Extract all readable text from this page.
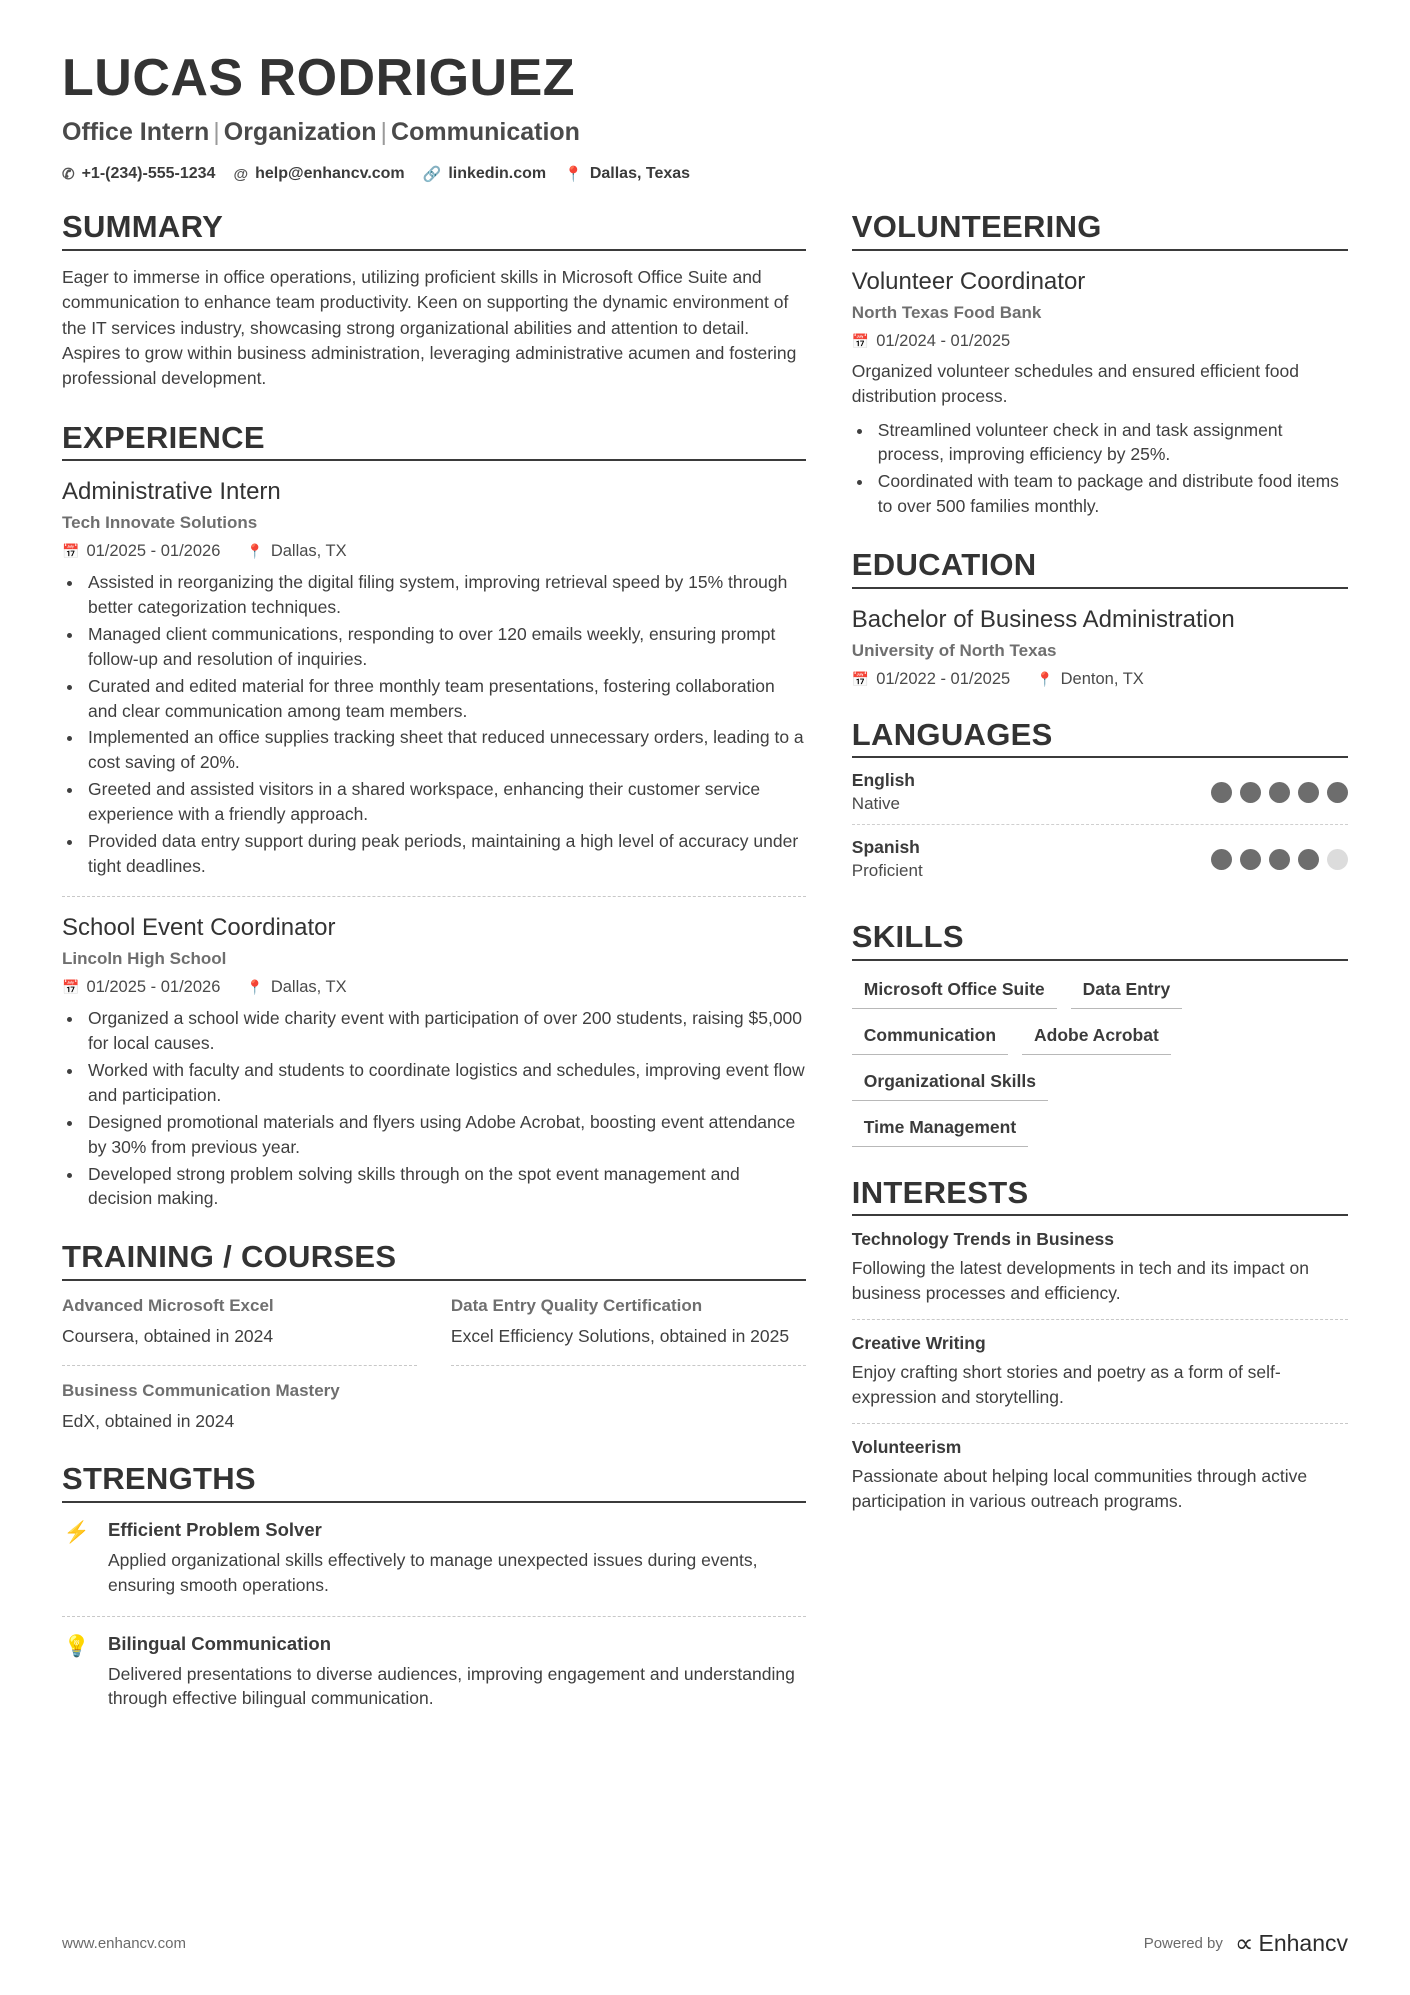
LUCAS RODRIGUEZ
Office Intern | Organization | Communication
✆ +1-(234)-555-1234 @ help@enhancv.com 🔗 linkedin.com 📍 Dallas, Texas
SUMMARY
Eager to immerse in office operations, utilizing proficient skills in Microsoft Office Suite and communication to enhance team productivity. Keen on supporting the dynamic environment of the IT services industry, showcasing strong organizational abilities and attention to detail. Aspires to grow within business administration, leveraging administrative acumen and fostering professional development.
EXPERIENCE
Administrative Intern
Tech Innovate Solutions
📅 01/2025 - 01/2026 📍 Dallas, TX
• Assisted in reorganizing the digital filing system, improving retrieval speed by 15% through better categorization techniques.
• Managed client communications, responding to over 120 emails weekly, ensuring prompt follow-up and resolution of inquiries.
• Curated and edited material for three monthly team presentations, fostering collaboration and clear communication among team members.
• Implemented an office supplies tracking sheet that reduced unnecessary orders, leading to a cost saving of 20%.
• Greeted and assisted visitors in a shared workspace, enhancing their customer service experience with a friendly approach.
• Provided data entry support during peak periods, maintaining a high level of accuracy under tight deadlines.
School Event Coordinator
Lincoln High School
📅 01/2025 - 01/2026 📍 Dallas, TX
• Organized a school wide charity event with participation of over 200 students, raising $5,000 for local causes.
• Worked with faculty and students to coordinate logistics and schedules, improving event flow and participation.
• Designed promotional materials and flyers using Adobe Acrobat, boosting event attendance by 30% from previous year.
• Developed strong problem solving skills through on the spot event management and decision making.
TRAINING / COURSES
Advanced Microsoft Excel
Coursera, obtained in 2024
Data Entry Quality Certification
Excel Efficiency Solutions, obtained in 2025
Business Communication Mastery
EdX, obtained in 2024
STRENGTHS
⚡ Efficient Problem Solver
Applied organizational skills effectively to manage unexpected issues during events, ensuring smooth operations.
💡 Bilingual Communication
Delivered presentations to diverse audiences, improving engagement and understanding through effective bilingual communication.
VOLUNTEERING
Volunteer Coordinator
North Texas Food Bank
📅 01/2024 - 01/2025
Organized volunteer schedules and ensured efficient food distribution process.
• Streamlined volunteer check in and task assignment process, improving efficiency by 25%.
• Coordinated with team to package and distribute food items to over 500 families monthly.
EDUCATION
Bachelor of Business Administration
University of North Texas
📅 01/2022 - 01/2025 📍 Denton, TX
LANGUAGES
English
Native
Spanish
Proficient
SKILLS
Microsoft Office Suite	Data Entry
Communication	Adobe Acrobat
Organizational Skills
Time Management
INTERESTS
Technology Trends in Business
Following the latest developments in tech and its impact on business processes and efficiency.
Creative Writing
Enjoy crafting short stories and poetry as a form of self-expression and storytelling.
Volunteerism
Passionate about helping local communities through active participation in various outreach programs.
www.enhancv.com	Powered by ∝ Enhancv
